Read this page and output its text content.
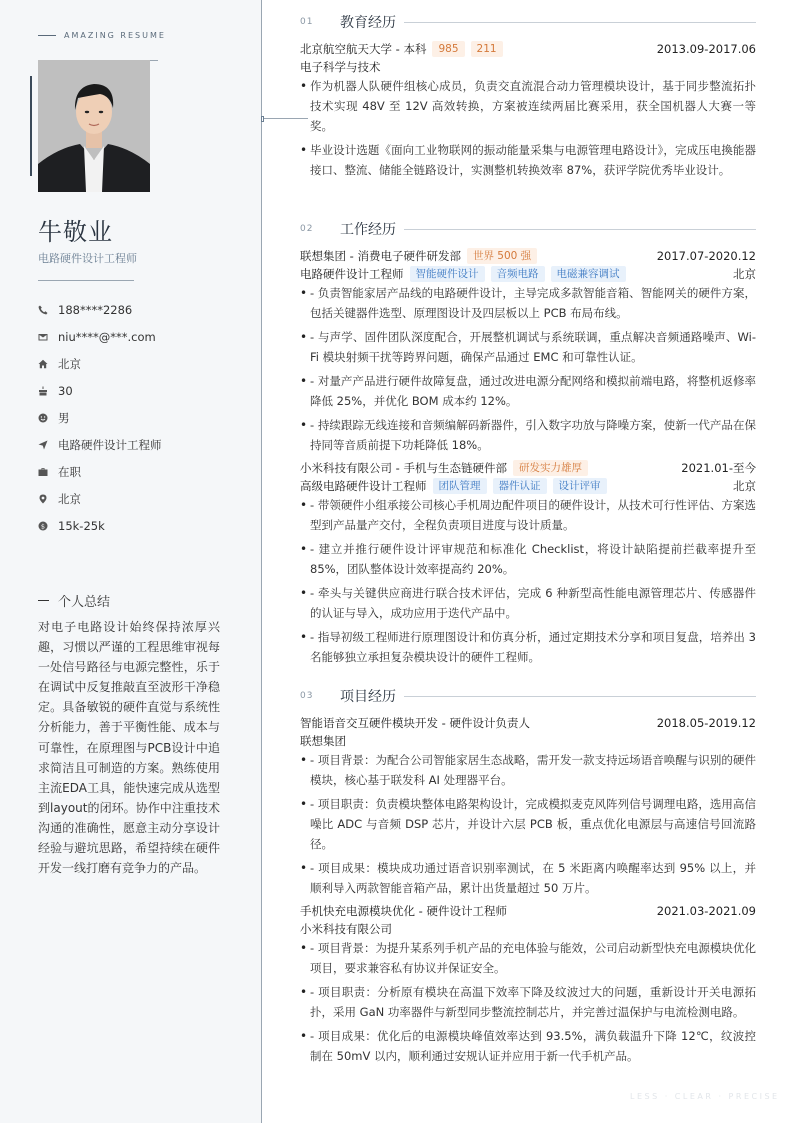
AMAZING RESUME
牛敬业
电路硬件设计工程师
188****2286
niu****@***.com
北京
30
男
电路硬件设计工程师
在职
北京
$ 15k-25k
个人总结
对电子电路设计始终保持浓厚兴趣，习惯以严谨的工程思维审视每一处信号路径与电源完整性，乐于在调试中反复推敲直至波形干净稳定。具备敏锐的硬件直觉与系统性分析能力，善于平衡性能、成本与可靠性，在原理图与PCB设计中追求简洁且可制造的方案。熟练使用主流EDA工具，能快速完成从选型到layout的闭环。协作中注重技术沟通的准确性，愿意主动分享设计经验与避坑思路，希望持续在硬件开发一线打磨有竞争力的产品。
01	教育经历
北京航空航天大学 - 本科	985	211	2013.09-2017.06
电子科学与技术
• 作为机器人队硬件组核心成员，负责交直流混合动力管理模块设计，基于同步整流拓扑技术实现 48V 至 12V 高效转换，方案被连续两届比赛采用，获全国机器人大赛一等奖。
• 毕业设计选题《面向工业物联网的振动能量采集与电源管理电路设计》，完成压电換能器接口、整流、储能全链路设计，实测整机转换效率 87%，获评学院优秀毕业设计。
02	工作经历
联想集团 - 消费电子硬件研发部	世界 500 强	2017.07-2020.12
电路硬件设计工程师	智能硬件设计	音频电路	电磁兼容调试	北京
• - 负责智能家居产品线的电路硬件设计，主导完成多款智能音箱、智能网关的硬件方案，包括关键器件选型、原理图设计及四层板以上 PCB 布局布线。
• - 与声学、固件团队深度配合，开展整机调试与系统联调，重点解决音频通路噪声、Wi-Fi 模块射频干扰等跨界问题，确保产品通过 EMC 和可靠性认证。
• - 对量产产品进行硬件故障复盘，通过改进电源分配网络和模拟前端电路，将整机返修率降低 25%，并优化 BOM 成本约 12%。
• - 持续跟踪无线连接和音频编解码新器件，引入数字功放与降噪方案，使新一代产品在保持同等音质前提下功耗降低 18%。
小米科技有限公司 - 手机与生态链硬件部	研发实力雄厚	2021.01-至今
高级电路硬件设计工程师	团队管理	器件认证	设计评审	北京
• - 带领硬件小组承接公司核心手机周边配件项目的硬件设计，从技术可行性评估、方案选型到产品量产交付，全程负责项目进度与设计质量。
• - 建立并推行硬件设计评审规范和标准化 Checklist，将设计缺陷提前拦截率提升至 85%，团队整体设计效率提高约 20%。
• - 牵头与关键供应商进行联合技术评估，完成 6 种新型高性能电源管理芯片、传感器件的认证与导入，成功应用于迭代产品中。
• - 指导初级工程师进行原理图设计和仿真分析，通过定期技术分享和项目复盘，培养出 3 名能够独立承担复杂模块设计的硬件工程师。
03	项目经历
智能语音交互硬件模块开发 - 硬件设计负责人	2018.05-2019.12
联想集团
• - 项目背景：为配合公司智能家居生态战略，需开发一款支持远场语音唤醒与识别的硬件模块，核心基于联发科 AI 处理器平台。
• - 项目职责：负责模块整体电路架构设计，完成模拟麦克风阵列信号调理电路，选用高信噪比 ADC 与音频 DSP 芯片，并设计六层 PCB 板，重点优化电源层与高速信号回流路径。
• - 项目成果：模块成功通过语音识别率测试，在 5 米距离内唤醒率达到 95% 以上，并顺利导入两款智能音箱产品，累计出货量超过 50 万片。
手机快充电源模块优化 - 硬件设计工程师	2021.03-2021.09
小米科技有限公司
• - 项目背景：为提升某系列手机产品的充电体验与能效，公司启动新型快充电源模块优化项目，要求兼容私有协议并保证安全。
• - 项目职责：分析原有模块在高温下效率下降及纹波过大的问题，重新设计开关电源拓扑，采用 GaN 功率器件与新型同步整流控制芯片，并完善过温保护与电流检测电路。
• - 项目成果：优化后的电源模块峰值效率达到 93.5%，满负载温升下降 12℃，纹波控制在 50mV 以内，顺利通过安规认证并应用于新一代手机产品。
LESS · CLEAR · PRECISE
